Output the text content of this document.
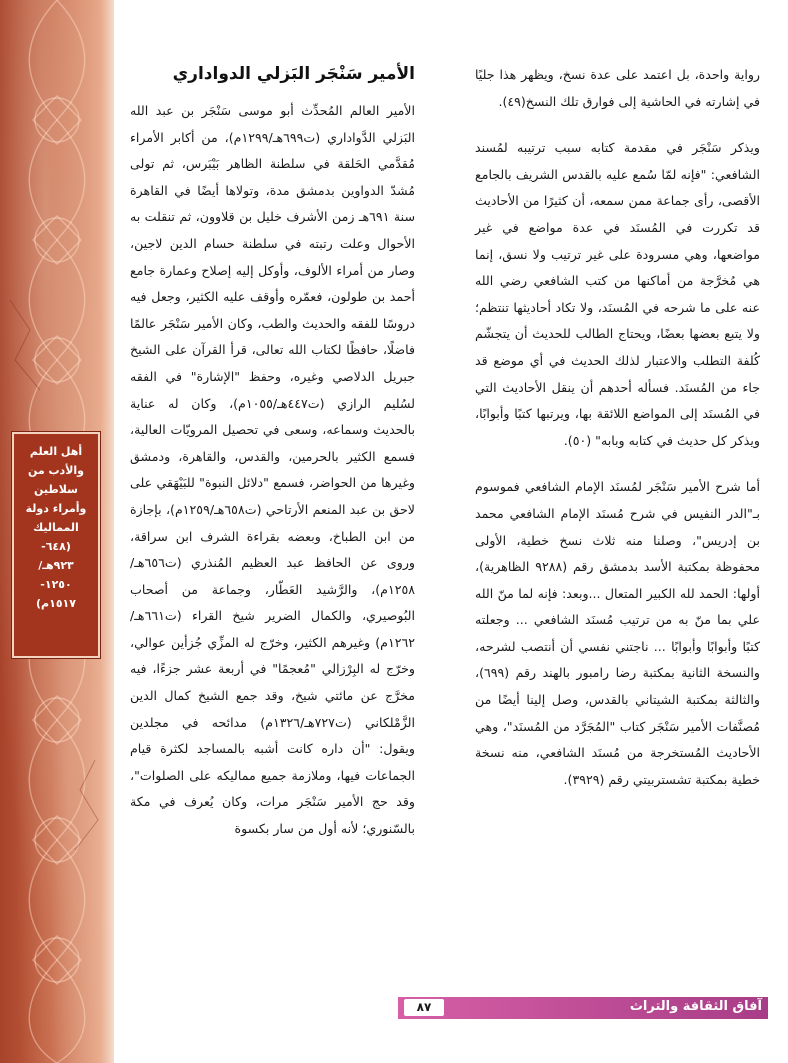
أهل العلم
والأدب من
سلاطين
وأمراء دولة
المماليك
(٦٤٨-
٩٢٣هـ/
١٢٥٠-
١٥١٧م)

رواية واحدة، بل اعتمد على عدة نسخ، ويظهر هذا جليًا في إشارته في الحاشية إلى فوارق تلك النسخ(٤٩).

ويذكر سَنْجَر في مقدمة كتابه سبب ترتيبه لمُسند الشافعي: "فإنه لمّا سُمع عليه بالقدس الشريف بالجامع الأقصى، رأى جماعة ممن سمعه، أن كثيرًا من الأحاديث قد تكررت في المُسنَد في عدة مواضع في غير مواضعها، وهي مسرودة على غير ترتيب ولا نسق، إنما هي مُخرَّجة من أماكنها من كتب الشافعي رضي الله عنه على ما شرحه في المُسنَد، ولا تكاد أحاديثها تنتظم؛ ولا يتبع بعضها بعضًا، ويحتاج الطالب للحديث أن يتجشّم كُلفة التطلب والاعتبار لذلك الحديث في أي موضع قد جاء من المُسنَد. فسأله أحدهم أن ينقل الأحاديث التي في المُسنَد إلى المواضع اللائقة بها، ويرتبها كتبًا وأبوابًا، ويذكر كل حديث في كتابه وبابه" (٥٠).

أما شرح الأمير سَنْجَر لمُسنَد الإمام الشافعي فموسوم بـ"الدر النفيس في شرح مُسنَد الإمام الشافعي محمد بن إدريس"، وصلنا منه ثلاث نسخ خطية، الأولى محفوظة بمكتبة الأسد بدمشق رقم (٩٢٨٨ الظاهرية)، أولها: الحمد لله الكبير المتعال ...وبعد: فإنه لما منّ الله علي بما منّ به من ترتيب مُسنَد الشافعي ... وجعلته كتبًا وأبوابًا وأبوابًا ... ناجتني نفسي أن أنتصب لشرحه، والنسخة الثانية بمكتبة رضا رامبور بالهند رقم (٦٩٩)، والثالثة بمكتبة الشيتاني بالقدس، وصل إلينا أيضًا من مُصنَّفات الأمير سَنْجَر كتاب "المُجَرَّد من المُسنَد"، وهي الأحاديث المُستخرجة من مُسنَد الشافعي، منه نسخة خطية بمكتبة تشستربيتي رقم (٣٩٢٩).

الأمير سَنْجَر البَزلي الدواداري

الأمير العالم المُحدِّث أبو موسى سَنْجَر بن عبد الله البَزلي الدَّواداري (ت٦٩٩هـ/١٢٩٩م)، من أكابر الأمراء مُقدَّمي الحَلقة في سلطنة الظاهر بَيْبَرس، ثم تولى مُشدّ الدواوين بدمشق مدة، وتولاها أيضًا في القاهرة سنة ٦٩١هـ زمن الأشرف خليل بن قلاوون، ثم تنقلت به الأحوال وعلت رتبته في سلطنة حسام الدين لاجين، وصار من أمراء الألوف، وأوكل إليه إصلاح وعمارة جامع أحمد بن طولون، فعمّره وأوقف عليه الكثير، وجعل فيه دروسًا للفقه والحديث والطب، وكان الأمير سَنْجَر عالمًا فاضلًا، حافظًا لكتاب الله تعالى، قرأ القرآن على الشيخ جبريل الدلاصي وغيره، وحفظ "الإشارة" في الفقه لسُليم الرازي (ت٤٤٧هـ/١٠٥٥م)، وكان له عناية بالحديث وسماعه، وسعى في تحصيل المرويّات العالية، فسمع الكثير بالحرمين، والقدس، والقاهرة، ودمشق وغيرها من الحواضر، فسمع "دلائل النبوة" للبَيْهَقي على لاحق بن عبد المنعم الأرتاحي (ت٦٥٨هـ/١٢٥٩م)، بإجازة من ابن الطباخ، وبعضه بقراءة الشرف ابن سراقة، وروى عن الحافظ عبد العظيم المُنذري (ت٦٥٦هـ/١٢٥٨م)، والرَّشيد العَطّار، وجماعة من أصحاب البُوصيري، والكمال الضرير شيخ القراء (ت٦٦١هـ/١٢٦٢م) وغيرهم الكثير، وخرّج له المزِّي جُزأين عوالي، وخرّج له البِرْزالي "مُعجمًا" في أربعة عشر جزءًا، فيه مخرَّج عن مائتي شيخ، وقد جمع الشيخ كمال الدين الزَّمْلكاني (ت٧٢٧هـ/١٣٢٦م) مدائحه في مجلدين ويقول: "أن داره كانت أشبه بالمساجد لكثرة قيام الجماعات فيها، وملازمة جميع مماليكه على الصلوات"، وقد حج الأمير سَنْجَر مرات، وكان يُعرف في مكة بالسّنوري؛ لأنه أول من سار بكسوة

آفاق الثقافة والتراث
٨٧
